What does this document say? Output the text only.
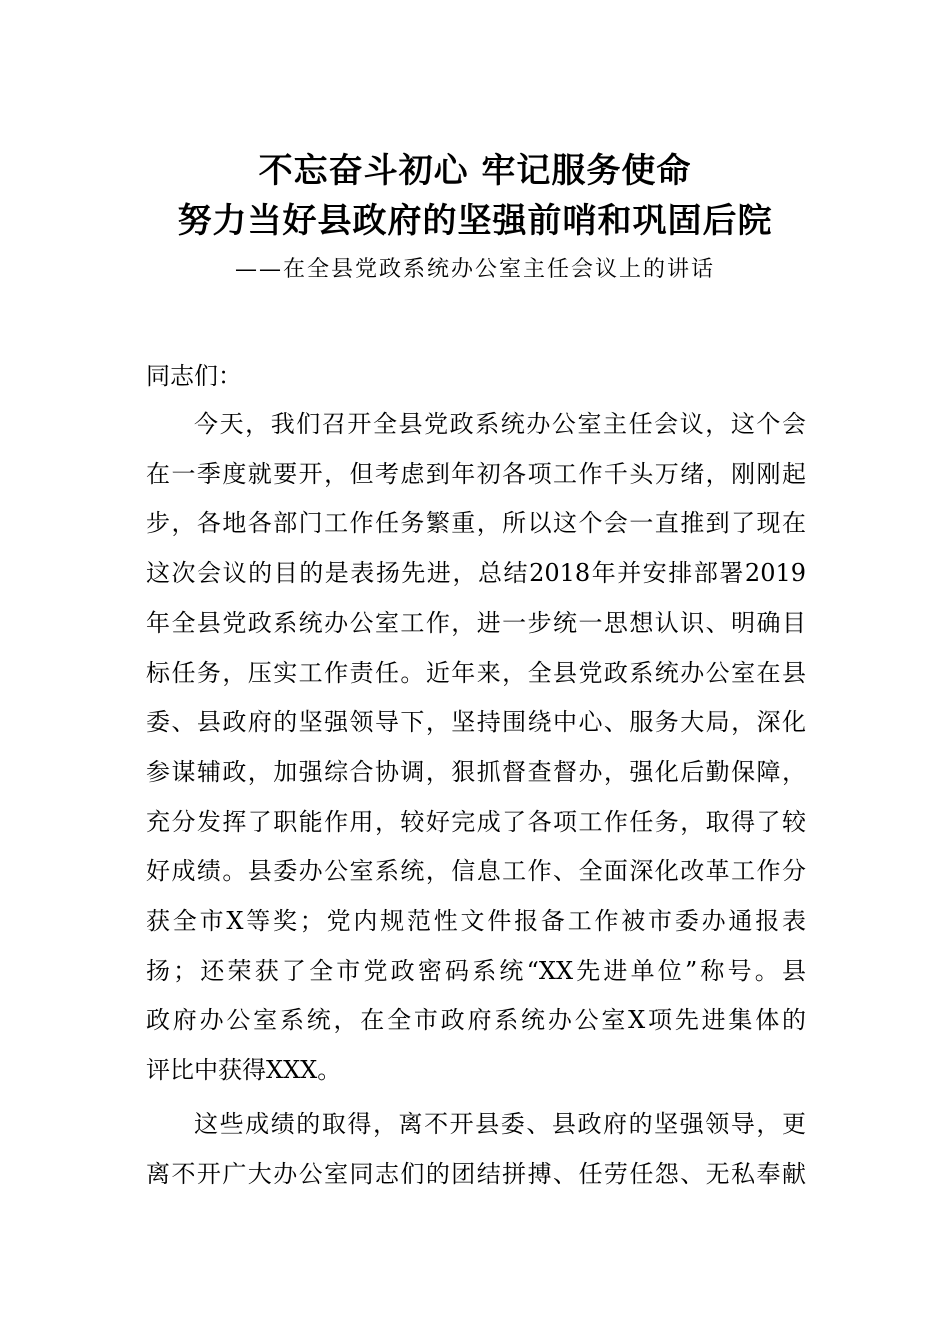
不忘奋斗初心 牢记服务使命
努力当好县政府的坚强前哨和巩固后院
——在全县党政系统办公室主任会议上的讲话
同志们：
今天，我们召开全县党政系统办公室主任会议，这个会
在一季度就要开，但考虑到年初各项工作千头万绪，刚刚起
步，各地各部门工作任务繁重，所以这个会一直推到了现在
这次会议的目的是表扬先进，总结2018年并安排部署2019
年全县党政系统办公室工作，进一步统一思想认识、明确目
标任务，压实工作责任。近年来，全县党政系统办公室在县
委、县政府的坚强领导下，坚持围绕中心、服务大局，深化
参谋辅政，加强综合协调，狠抓督查督办，强化后勤保障，
充分发挥了职能作用，较好完成了各项工作任务，取得了较
好成绩。县委办公室系统，信息工作、全面深化改革工作分
获全市X等奖；党内规范性文件报备工作被市委办通报表
扬；还荣获了全市党政密码系统“XX先进单位”称号。县
政府办公室系统，在全市政府系统办公室X项先进集体的
评比中获得XXX。
这些成绩的取得，离不开县委、县政府的坚强领导，更
离不开广大办公室同志们的团结拼搏、任劳任怨、无私奉献
